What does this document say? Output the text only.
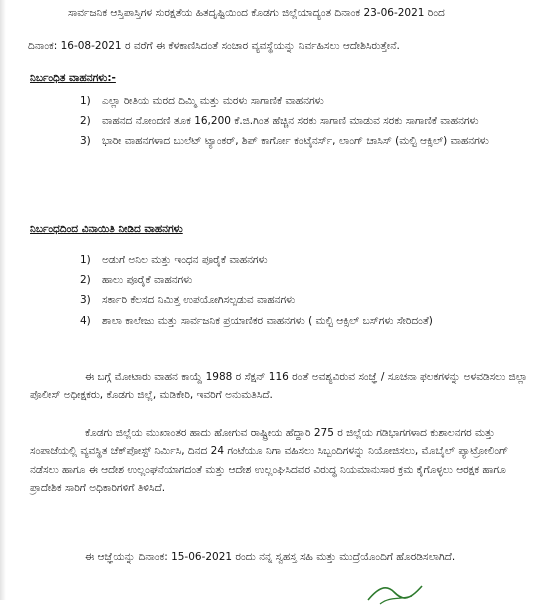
ಸಾರ್ವಜನಿಕ ಆಸ್ತಿಪಾಸ್ತಿಗಳ ಸುರಕ್ಷತೆಯ ಹಿತದೃಷ್ಟಿಯಿಂದ ಕೊಡಗು ಜಿಲ್ಲೆಯಾದ್ಯಂತ ದಿನಾಂಕ 23-06-2021 ರಿಂದ
ದಿನಾಂಕ: 16-08-2021 ರ ವರೆಗೆ ಈ ಕೆಳಕಾಣಿಸಿದಂತೆ ಸಂಚಾರ ವ್ಯವಸ್ಥೆಯನ್ನು ನಿರ್ವಹಿಸಲು ಆದೇಶಿಸಿರುತ್ತೇನೆ.
ನಿರ್ಬಂಧಿತ ವಾಹನಗಳು:-
1) ಎಲ್ಲಾ ರೀತಿಯ ಮರದ ದಿಮ್ಮಿ ಮತ್ತು ಮರಳು ಸಾಗಾಣಿಕೆ ವಾಹನಗಳು
2) ವಾಹನದ ನೋಂದಣಿ ತೂಕ 16,200 ಕೆ.ಜಿ.ಗಿಂತ ಹೆಚ್ಚಿನ ಸರಕು ಸಾಗಾಣಿ ಮಾಡುವ ಸರಕು ಸಾಗಾಣಿಕೆ ವಾಹನಗಳು
3) ಭಾರೀ ವಾಹನಗಳಾದ ಬುಲೆಟ್ ಟ್ಯಾಂಕರ್, ಶಿಪ್ ಕಾರ್ಗೋ ಕಂಟೈನರ್ಸ್, ಲಾಂಗ್ ಚಾಸಿಸ್ (ಮಲ್ಟಿ ಆಕ್ಸಿಲ್) ವಾಹನಗಳು
ನಿರ್ಬಂಧದಿಂದ ವಿನಾಯಿತಿ ನೀಡಿದ ವಾಹನಗಳು
1) ಅಡುಗೆ ಅನಿಲ ಮತ್ತು ಇಂಧನ ಪೂರೈಕೆ ವಾಹನಗಳು
2) ಹಾಲು ಪೂರೈಕೆ ವಾಹನಗಳು
3) ಸರ್ಕಾರಿ ಕೆಲಸದ ನಿಮಿತ್ತ ಉಪಯೋಗಿಸಲ್ಪಡುವ ವಾಹನಗಳು
4) ಶಾಲಾ ಕಾಲೇಜು ಮತ್ತು ಸಾರ್ವಜನಿಕ ಪ್ರಯಾಣಿಕರ ವಾಹನಗಳು ( ಮಲ್ಟಿ ಆಕ್ಸಿಲ್ ಬಸ್‌ಗಳು ಸೇರಿದಂತೆ)
ಈ ಬಗ್ಗೆ ಮೋಟಾರು ವಾಹನ ಕಾಯ್ದೆ 1988 ರ ಸೆಕ್ಷನ್ 116 ರಂತೆ ಅವಶ್ಯವಿರುವ ಸಂಜ್ಞೆ / ಸೂಚನಾ ಫಲಕಗಳನ್ನು ಅಳವಡಿಸಲು ಜಿಲ್ಲಾ ಪೊಲೀಸ್ ಅಧೀಕ್ಷಕರು, ಕೊಡಗು ಜಿಲ್ಲೆ, ಮಡಿಕೇರಿ, ಇವರಿಗೆ ಅನುಮತಿಸಿದೆ.
ಕೊಡಗು ಜಿಲ್ಲೆಯ ಮುಖಾಂತರ ಹಾದು ಹೋಗುವ ರಾಷ್ಟ್ರೀಯ ಹೆದ್ದಾರಿ 275 ರ ಜಿಲ್ಲೆಯ ಗಡಿಭಾಗಗಳಾದ ಕುಶಾಲನಗರ ಮತ್ತು ಸಂಪಾಜೆಯಲ್ಲಿ ವ್ಯವಸ್ಥಿತ ಚೆಕ್‌ಪೋಸ್ಟ್ ನಿರ್ಮಿಸಿ, ದಿನದ 24 ಗಂಟೆಯೂ ನಿಗಾ ವಹಿಸಲು ಸಿಬ್ಬಂದಿಗಳನ್ನು ನಿಯೋಜಿಸಲು, ಮೊಬೈಲ್ ಪ್ಯಾಟ್ರೋಲಿಂಗ್ ನಡೆಸಲು ಹಾಗೂ ಈ ಆದೇಶ ಉಲ್ಲಂಘನೆಯಾಗದಂತೆ ಮತ್ತು ಆದೇಶ ಉಲ್ಲಂಘಿಸಿದವರ ವಿರುದ್ಧ ನಿಯಮಾನುಸಾರ ಕ್ರಮ ಕೈಗೊಳ್ಳಲು ಆರಕ್ಷಕ ಹಾಗೂ ಪ್ರಾದೇಶಿಕ ಸಾರಿಗೆ ಅಧಿಕಾರಿಗಳಿಗೆ ತಿಳಿಸಿದೆ.
ಈ ಆಜ್ಞೆಯನ್ನು ದಿನಾಂಕ: 15-06-2021 ರಂದು ನನ್ನ ಸ್ವಹಸ್ತ ಸಹಿ ಮತ್ತು ಮುದ್ರೆಯೊಂದಿಗೆ ಹೊರಡಿಸಲಾಗಿದೆ.
